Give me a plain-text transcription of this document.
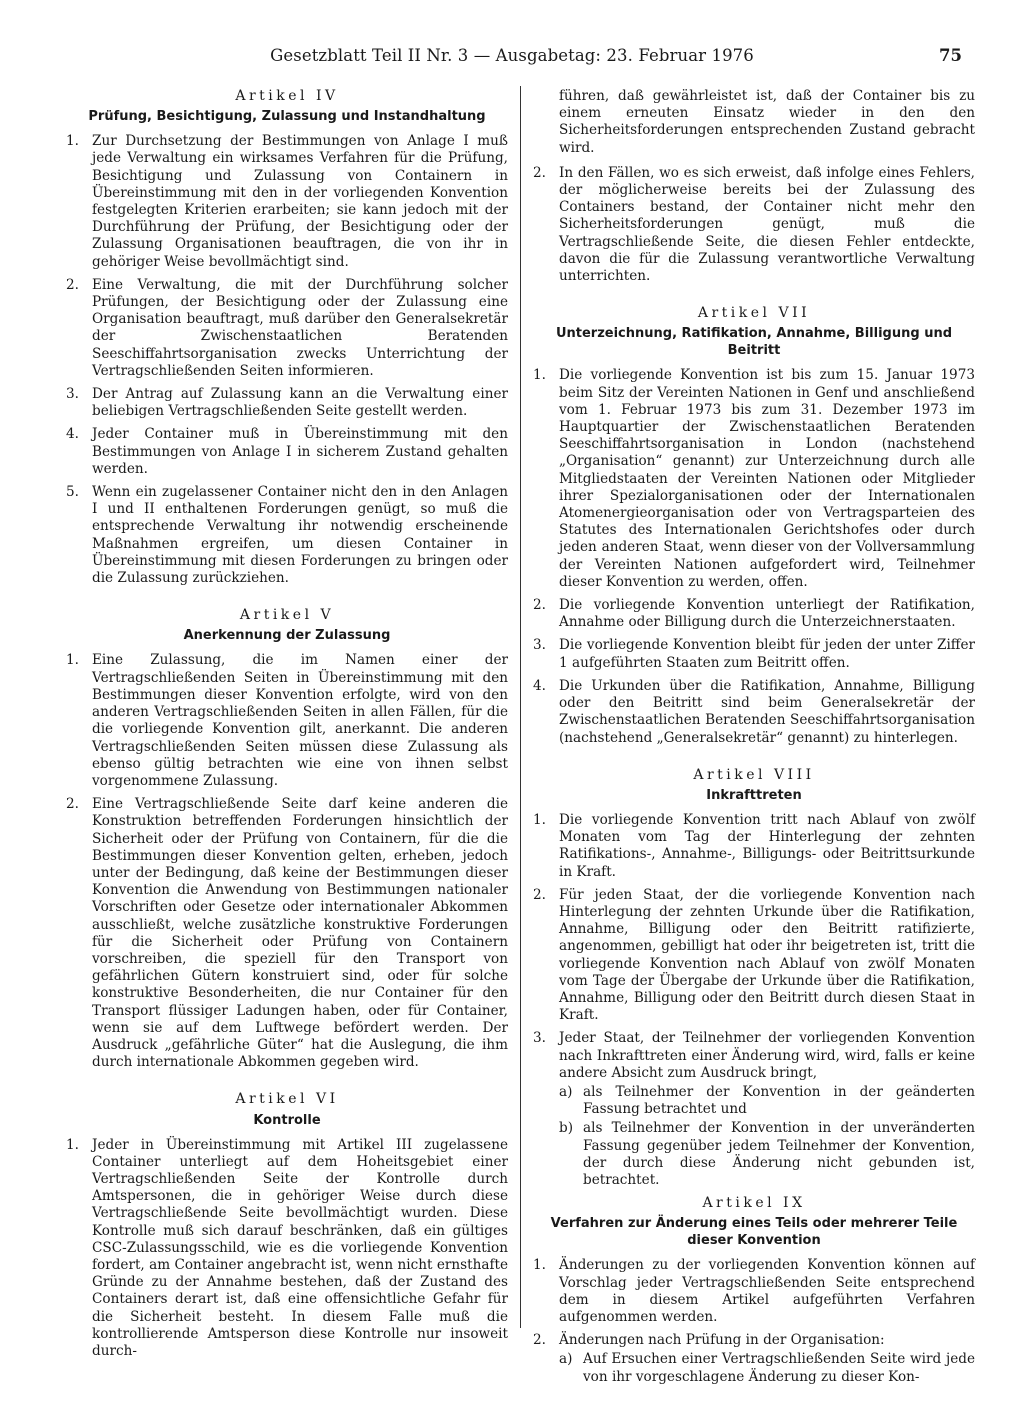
Gesetzblatt Teil II Nr. 3 — Ausgabetag: 23. Februar 1976	75
Artikel IV
Prüfung, Besichtigung, Zulassung und Instandhaltung
1. Zur Durchsetzung der Bestimmungen von Anlage I muß jede Verwaltung ein wirksames Verfahren für die Prüfung, Besichtigung und Zulassung von Containern in Übereinstimmung mit den in der vorliegenden Konvention festgelegten Kriterien erarbeiten; sie kann jedoch mit der Durchführung der Prüfung, der Besichtigung oder der Zulassung Organisationen beauftragen, die von ihr in gehöriger Weise bevollmächtigt sind.
2. Eine Verwaltung, die mit der Durchführung solcher Prüfungen, der Besichtigung oder der Zulassung eine Organisation beauftragt, muß darüber den Generalsekretär der Zwischenstaatlichen Beratenden Seeschiffahrtsorganisation zwecks Unterrichtung der Vertragschließenden Seiten informieren.
3. Der Antrag auf Zulassung kann an die Verwaltung einer beliebigen Vertragschließenden Seite gestellt werden.
4. Jeder Container muß in Übereinstimmung mit den Bestimmungen von Anlage I in sicherem Zustand gehalten werden.
5. Wenn ein zugelassener Container nicht den in den Anlagen I und II enthaltenen Forderungen genügt, so muß die entsprechende Verwaltung ihr notwendig erscheinende Maßnahmen ergreifen, um diesen Container in Übereinstimmung mit diesen Forderungen zu bringen oder die Zulassung zurückziehen.
Artikel V
Anerkennung der Zulassung
1. Eine Zulassung, die im Namen einer der Vertragschließenden Seiten in Übereinstimmung mit den Bestimmungen dieser Konvention erfolgte, wird von den anderen Vertragschließenden Seiten in allen Fällen, für die die vorliegende Konvention gilt, anerkannt. Die anderen Vertragschließenden Seiten müssen diese Zulassung als ebenso gültig betrachten wie eine von ihnen selbst vorgenommene Zulassung.
2. Eine Vertragschließende Seite darf keine anderen die Konstruktion betreffenden Forderungen hinsichtlich der Sicherheit oder der Prüfung von Containern, für die die Bestimmungen dieser Konvention gelten, erheben, jedoch unter der Bedingung, daß keine der Bestimmungen dieser Konvention die Anwendung von Bestimmungen nationaler Vorschriften oder Gesetze oder internationaler Abkommen ausschließt, welche zusätzliche konstruktive Forderungen für die Sicherheit oder Prüfung von Containern vorschreiben, die speziell für den Transport von gefährlichen Gütern konstruiert sind, oder für solche konstruktive Besonderheiten, die nur Container für den Transport flüssiger Ladungen haben, oder für Container, wenn sie auf dem Luftwege befördert werden. Der Ausdruck „gefährliche Güter“ hat die Auslegung, die ihm durch internationale Abkommen gegeben wird.
Artikel VI
Kontrolle
1. Jeder in Übereinstimmung mit Artikel III zugelassene Container unterliegt auf dem Hoheitsgebiet einer Vertragschließenden Seite der Kontrolle durch Amtspersonen, die in gehöriger Weise durch diese Vertragschließende Seite bevollmächtigt wurden. Diese Kontrolle muß sich darauf beschränken, daß ein gültiges CSC-Zulassungsschild, wie es die vorliegende Konvention fordert, am Container angebracht ist, wenn nicht ernsthafte Gründe zu der Annahme bestehen, daß der Zustand des Containers derart ist, daß eine offensichtliche Gefahr für die Sicherheit besteht. In diesem Falle muß die kontrollierende Amtsperson diese Kontrolle nur insoweit durch-
führen, daß gewährleistet ist, daß der Container bis zu einem erneuten Einsatz wieder in den den Sicherheitsforderungen entsprechenden Zustand gebracht wird.
2. In den Fällen, wo es sich erweist, daß infolge eines Fehlers, der möglicherweise bereits bei der Zulassung des Containers bestand, der Container nicht mehr den Sicherheitsforderungen genügt, muß die Vertragschließende Seite, die diesen Fehler entdeckte, davon die für die Zulassung verantwortliche Verwaltung unterrichten.
Artikel VII
Unterzeichnung, Ratifikation, Annahme, Billigung und Beitritt
1. Die vorliegende Konvention ist bis zum 15. Januar 1973 beim Sitz der Vereinten Nationen in Genf und anschließend vom 1. Februar 1973 bis zum 31. Dezember 1973 im Hauptquartier der Zwischenstaatlichen Beratenden Seeschiffahrtsorganisation in London (nachstehend „Organisation“ genannt) zur Unterzeichnung durch alle Mitgliedstaaten der Vereinten Nationen oder Mitglieder ihrer Spezialorganisationen oder der Internationalen Atomenergieorganisation oder von Vertragsparteien des Statutes des Internationalen Gerichtshofes oder durch jeden anderen Staat, wenn dieser von der Vollversammlung der Vereinten Nationen aufgefordert wird, Teilnehmer dieser Konvention zu werden, offen.
2. Die vorliegende Konvention unterliegt der Ratifikation, Annahme oder Billigung durch die Unterzeichnerstaaten.
3. Die vorliegende Konvention bleibt für jeden der unter Ziffer 1 aufgeführten Staaten zum Beitritt offen.
4. Die Urkunden über die Ratifikation, Annahme, Billigung oder den Beitritt sind beim Generalsekretär der Zwischenstaatlichen Beratenden Seeschiffahrtsorganisation (nachstehend „Generalsekretär“ genannt) zu hinterlegen.
Artikel VIII
Inkrafttreten
1. Die vorliegende Konvention tritt nach Ablauf von zwölf Monaten vom Tag der Hinterlegung der zehnten Ratifikations-, Annahme-, Billigungs- oder Beitrittsurkunde in Kraft.
2. Für jeden Staat, der die vorliegende Konvention nach Hinterlegung der zehnten Urkunde über die Ratifikation, Annahme, Billigung oder den Beitritt ratifizierte, angenommen, gebilligt hat oder ihr beigetreten ist, tritt die vorliegende Konvention nach Ablauf von zwölf Monaten vom Tage der Übergabe der Urkunde über die Ratifikation, Annahme, Billigung oder den Beitritt durch diesen Staat in Kraft.
3. Jeder Staat, der Teilnehmer der vorliegenden Konvention nach Inkrafttreten einer Änderung wird, wird, falls er keine andere Absicht zum Ausdruck bringt,
a) als Teilnehmer der Konvention in der geänderten Fassung betrachtet und
b) als Teilnehmer der Konvention in der unveränderten Fassung gegenüber jedem Teilnehmer der Konvention, der durch diese Änderung nicht gebunden ist, betrachtet.
Artikel IX
Verfahren zur Änderung eines Teils oder mehrerer Teile dieser Konvention
1. Änderungen zu der vorliegenden Konvention können auf Vorschlag jeder Vertragschließenden Seite entsprechend dem in diesem Artikel aufgeführten Verfahren aufgenommen werden.
2. Änderungen nach Prüfung in der Organisation:
a) Auf Ersuchen einer Vertragschließenden Seite wird jede von ihr vorgeschlagene Änderung zu dieser Kon-
